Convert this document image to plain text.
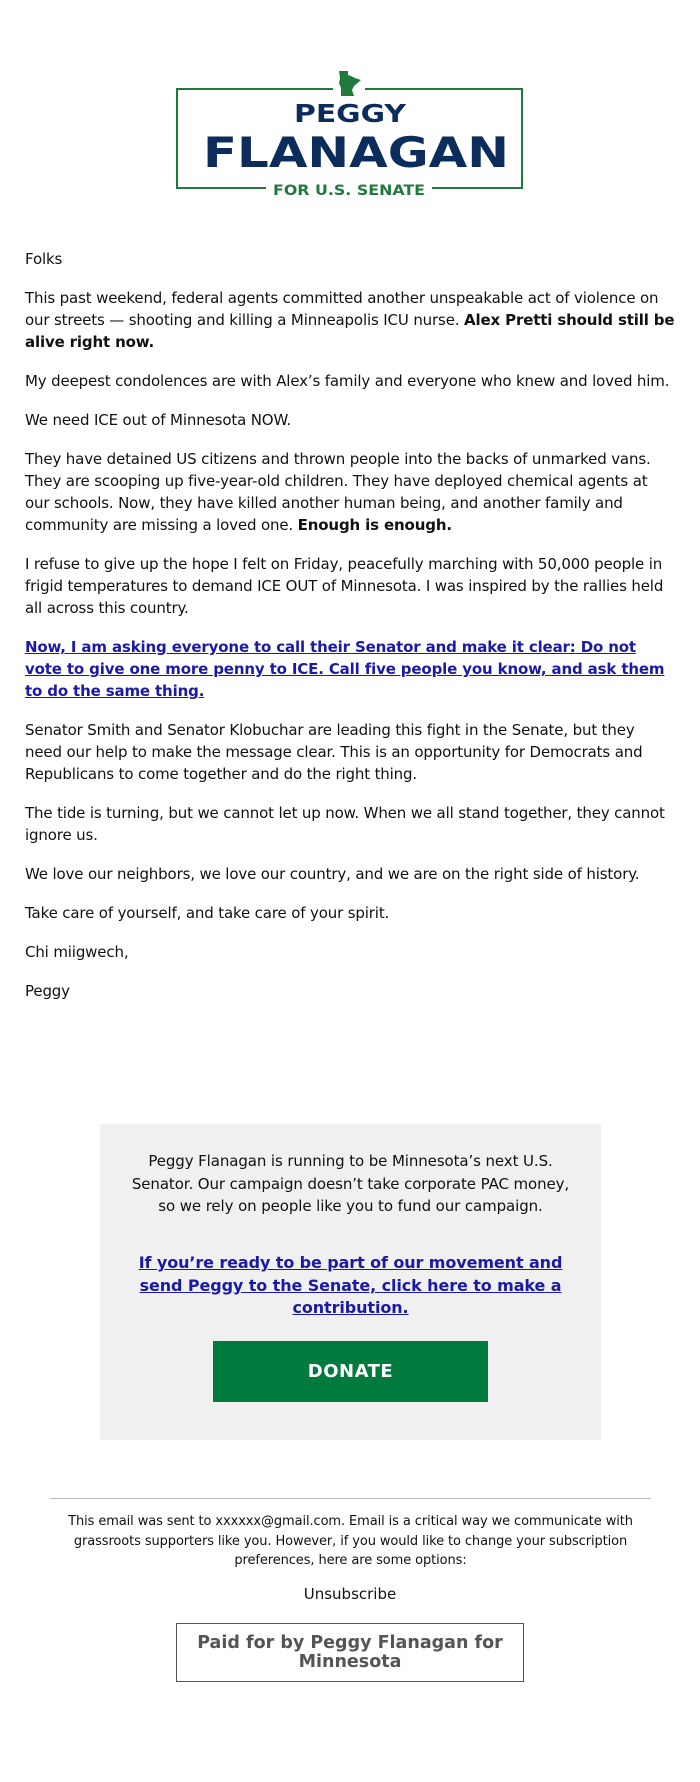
PEGGY
FLANAGAN
FOR U.S. SENATE

Folks

This past weekend, federal agents committed another unspeakable act of violence on our streets — shooting and killing a Minneapolis ICU nurse. Alex Pretti should still be alive right now.

My deepest condolences are with Alex’s family and everyone who knew and loved him.

We need ICE out of Minnesota NOW.

They have detained US citizens and thrown people into the backs of unmarked vans. They are scooping up five-year-old children. They have deployed chemical agents at our schools. Now, they have killed another human being, and another family and community are missing a loved one. Enough is enough.

I refuse to give up the hope I felt on Friday, peacefully marching with 50,000 people in frigid temperatures to demand ICE OUT of Minnesota. I was inspired by the rallies held all across this country.

Now, I am asking everyone to call their Senator and make it clear: Do not vote to give one more penny to ICE. Call five people you know, and ask them to do the same thing.

Senator Smith and Senator Klobuchar are leading this fight in the Senate, but they need our help to make the message clear. This is an opportunity for Democrats and Republicans to come together and do the right thing.

The tide is turning, but we cannot let up now. When we all stand together, they cannot ignore us.

We love our neighbors, we love our country, and we are on the right side of history.

Take care of yourself, and take care of your spirit.

Chi miigwech,

Peggy

Peggy Flanagan is running to be Minnesota’s next U.S. Senator. Our campaign doesn’t take corporate PAC money, so we rely on people like you to fund our campaign.

If you’re ready to be part of our movement and send Peggy to the Senate, click here to make a contribution.
DONATE
This email was sent to xxxxxx@gmail.com. Email is a critical way we communicate with grassroots supporters like you. However, if you would like to change your subscription preferences, here are some options:
Unsubscribe
Paid for by Peggy Flanagan for Minnesota
